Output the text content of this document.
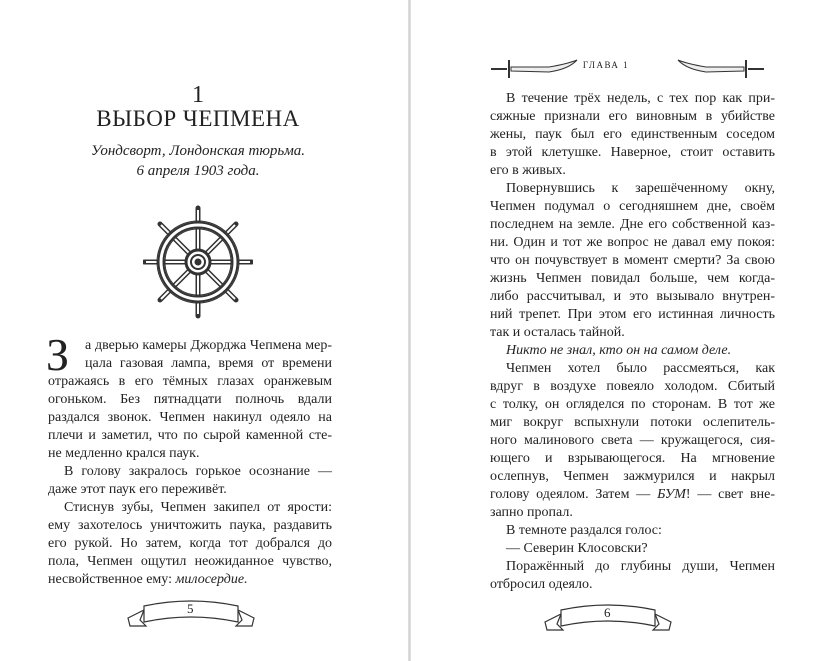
1
ВЫБОР ЧЕПМЕНА
Уондсворт, Лондонская тюрьма.
6 апреля 1903 года.
З
5
а дверью камеры Джорджа Чепмена мер-
цала газовая лампа, время от времени
отражаясь в его тёмных глазах оранжевым
огоньком. Без пятнадцати полночь вдали
раздался звонок. Чепмен накинул одеяло на
плечи и заметил, что по сырой каменной сте-
не медленно крался паук.
В голову закралось горькое осознание —
даже этот паук его переживёт.
Стиснув зубы, Чепмен закипел от ярости:
ему захотелось уничтожить паука, раздавить
его рукой. Но затем, когда тот добрался до
пола, Чепмен ощутил неожиданное чувство,
несвойственное ему: милосердие.
ГЛАВА 1
6
В течение трёх недель, с тех пор как при-
сяжные признали его виновным в убийстве
жены, паук был его единственным соседом
в этой клетушке. Наверное, стоит оставить
его в живых.
Повернувшись к зарешёченному окну,
Чепмен подумал о сегодняшнем дне, своём
последнем на земле. Дне его собственной каз-
ни. Один и тот же вопрос не давал ему покоя:
что он почувствует в момент смерти? За свою
жизнь Чепмен повидал больше, чем когда-
либо рассчитывал, и это вызывало внутрен-
ний трепет. При этом его истинная личность
так и осталась тайной.
Никто не знал, кто он на самом деле.
Чепмен хотел было рассмеяться, как
вдруг в воздухе повеяло холодом. Сбитый
с толку, он огляделся по сторонам. В тот же
миг вокруг вспыхнули потоки ослепитель-
ного малинового света — кружащегося, сия-
ющего и взрывающегося. На мгновение
ослепнув, Чепмен зажмурился и накрыл
голову одеялом. Затем — БУМ! — свет вне-
запно пропал.
В темноте раздался голос:
— Северин Клосовски?
Поражённый до глубины души, Чепмен
отбросил одеяло.
